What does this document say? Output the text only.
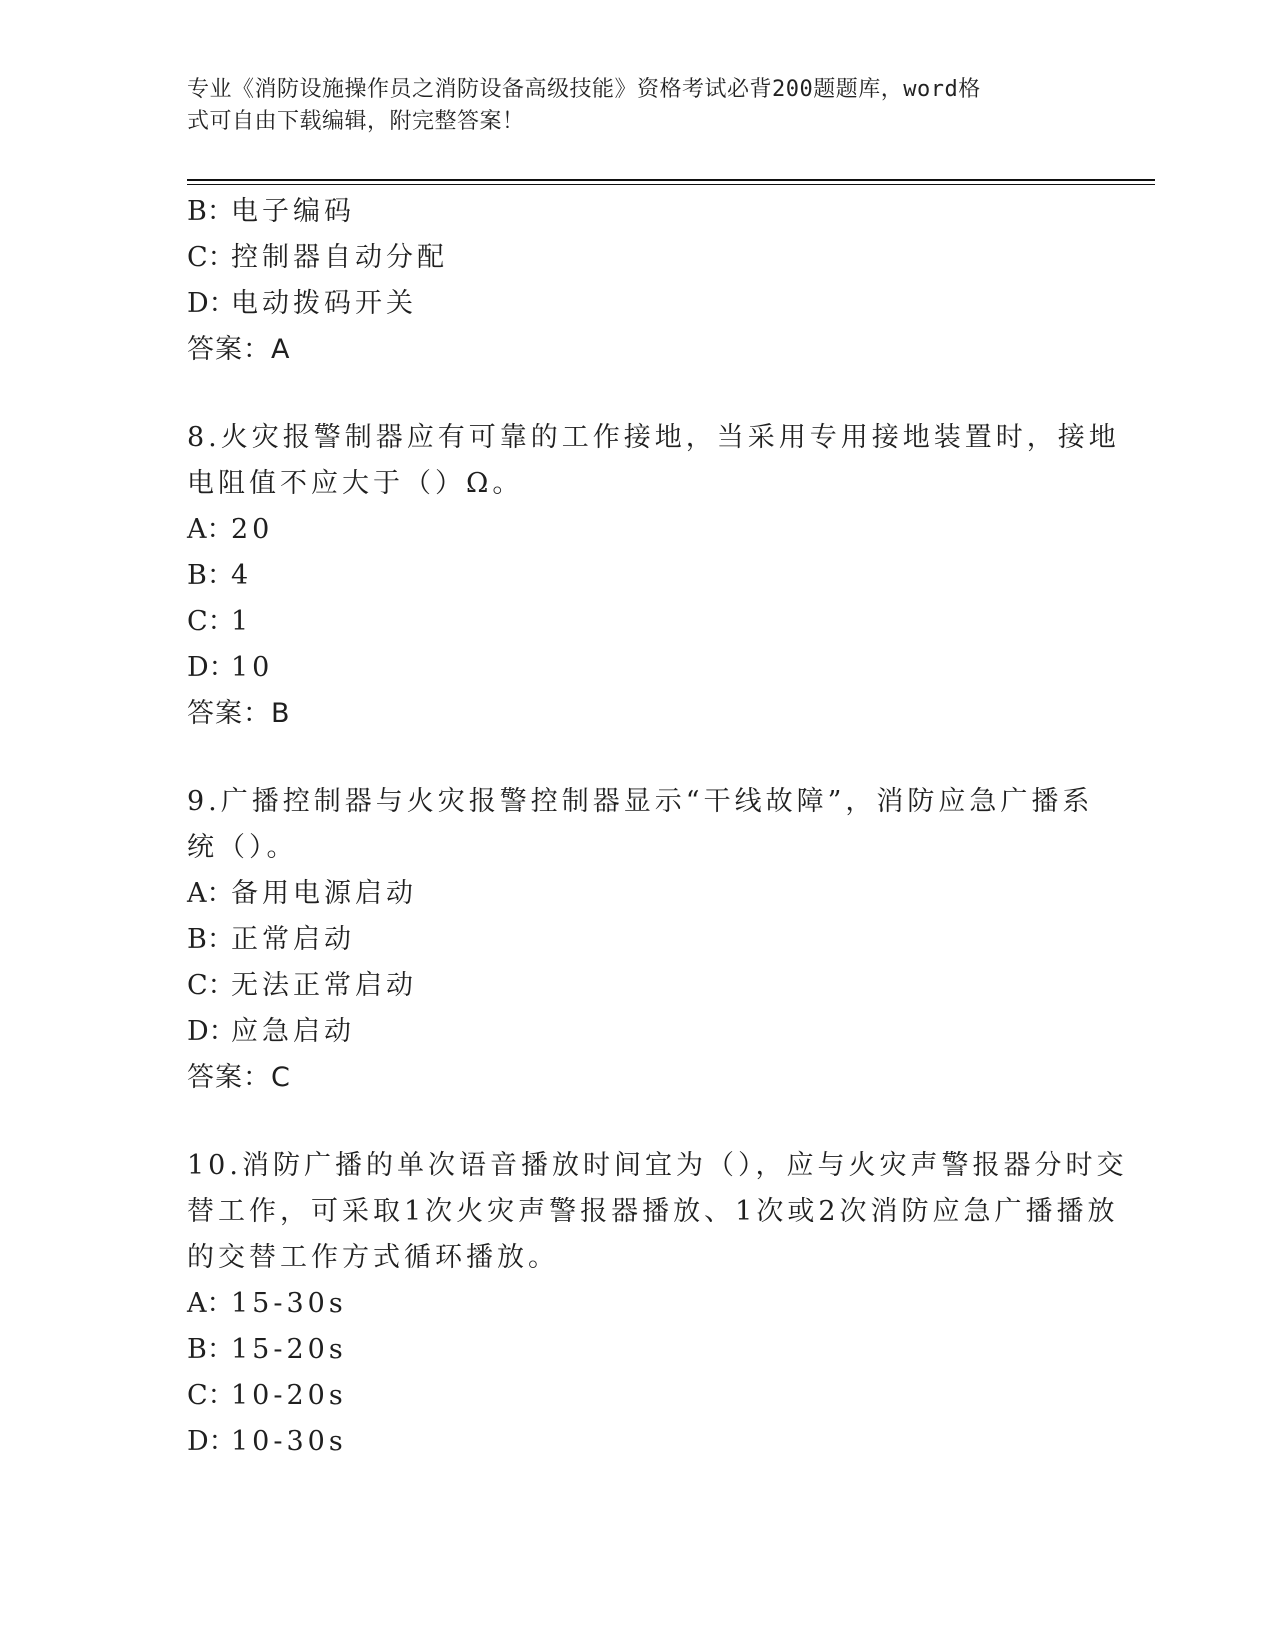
专业《消防设施操作员之消防设备高级技能》资格考试必背200题题库，word格
式可自由下载编辑，附完整答案！
B：电子编码
C：控制器自动分配
D：电动拨码开关
答案：A
8.火灾报警制器应有可靠的工作接地，当采用专用接地装置时，接地
电阻值不应大于（）Ω。
A：20
B：4
C：1
D：10
答案：B
9.广播控制器与火灾报警控制器显示“干线故障”，消防应急广播系
统（）。
A：备用电源启动
B：正常启动
C：无法正常启动
D：应急启动
答案：C
10.消防广播的单次语音播放时间宜为（），应与火灾声警报器分时交
替工作，可采取1次火灾声警报器播放、1次或2次消防应急广播播放
的交替工作方式循环播放。
A：15-30s
B：15-20s
C：10-20s
D：10-30s
